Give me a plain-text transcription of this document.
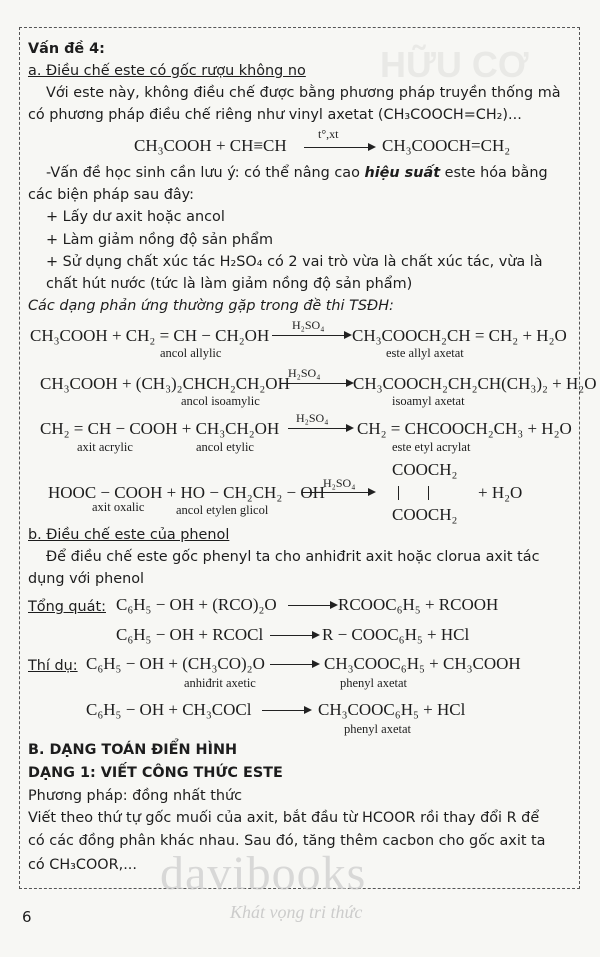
HỮU CƠ
Vấn đề 4:
a. Điều chế este có gốc rượu không no
Với este này, không điều chế được bằng phương pháp truyền thống mà
có phương pháp điều chế riêng như vinyl axetat (CH₃COOCH=CH₂)...
CH₃COOH + CH≡CH
t°,xt
CH₃COOCH=CH₂
-Vấn đề học sinh cần lưu ý: có thể nâng cao hiệu suất este hóa bằng
các biện pháp sau đây:
+ Lấy dư axit hoặc ancol
+ Làm giảm nồng độ sản phẩm
+ Sử dụng chất xúc tác H₂SO₄ có 2 vai trò vừa là chất xúc tác, vừa là
chất hút nước (tức là làm giảm nồng độ sản phẩm)
Các dạng phản ứng thường gặp trong đề thi TSĐH:
CH₃COOH + CH₂ = CH − CH₂OH
H₂SO₄
CH₃COOCH₂CH = CH₂ + H₂O
ancol allylic	este allyl axetat
CH₃COOH + (CH₃)₂CHCH₂CH₂OH
H₂SO₄
CH₃COOCH₂CH₂CH(CH₃)₂ + H₂O
ancol isoamylic	isoamyl axetat
CH₂ = CH − COOH + CH₃CH₂OH
H₂SO₄
CH₂ = CHCOOCH₂CH₃ + H₂O
axit acrylic	ancol etylic	este etyl acrylat
COOCH₂
HOOC − COOH + HO − CH₂CH₂ − OH
H₂SO₄	+ H₂O
COOCH₂
axit oxalic	ancol etylen glicol
b. Điều chế este của phenol
Để điều chế este gốc phenyl ta cho anhiđrit axit hoặc clorua axit tác
dụng với phenol
Tổng quát: C₆H₅ − OH + (RCO)₂O	RCOOC₆H₅ + RCOOH
C₆H₅ − OH + RCOCl	R − COOC₆H₅ + HCl
Thí dụ: C₆H₅ − OH + (CH₃CO)₂O	CH₃COOC₆H₅ + CH₃COOH
anhiđrit axetic	phenyl axetat
C₆H₅ − OH + CH₃COCl	CH₃COOC₆H₅ + HCl
phenyl axetat
B. DẠNG TOÁN ĐIỂN HÌNH
DẠNG 1: VIẾT CÔNG THỨC ESTE
Phương pháp: đồng nhất thức
Viết theo thứ tự gốc muối của axit, bắt đầu từ HCOOR rồi thay đổi R để
có các đồng phân khác nhau. Sau đó, tăng thêm cacbon cho gốc axit ta
có CH₃COOR,... davibooks
Khát vọng tri thức
6
